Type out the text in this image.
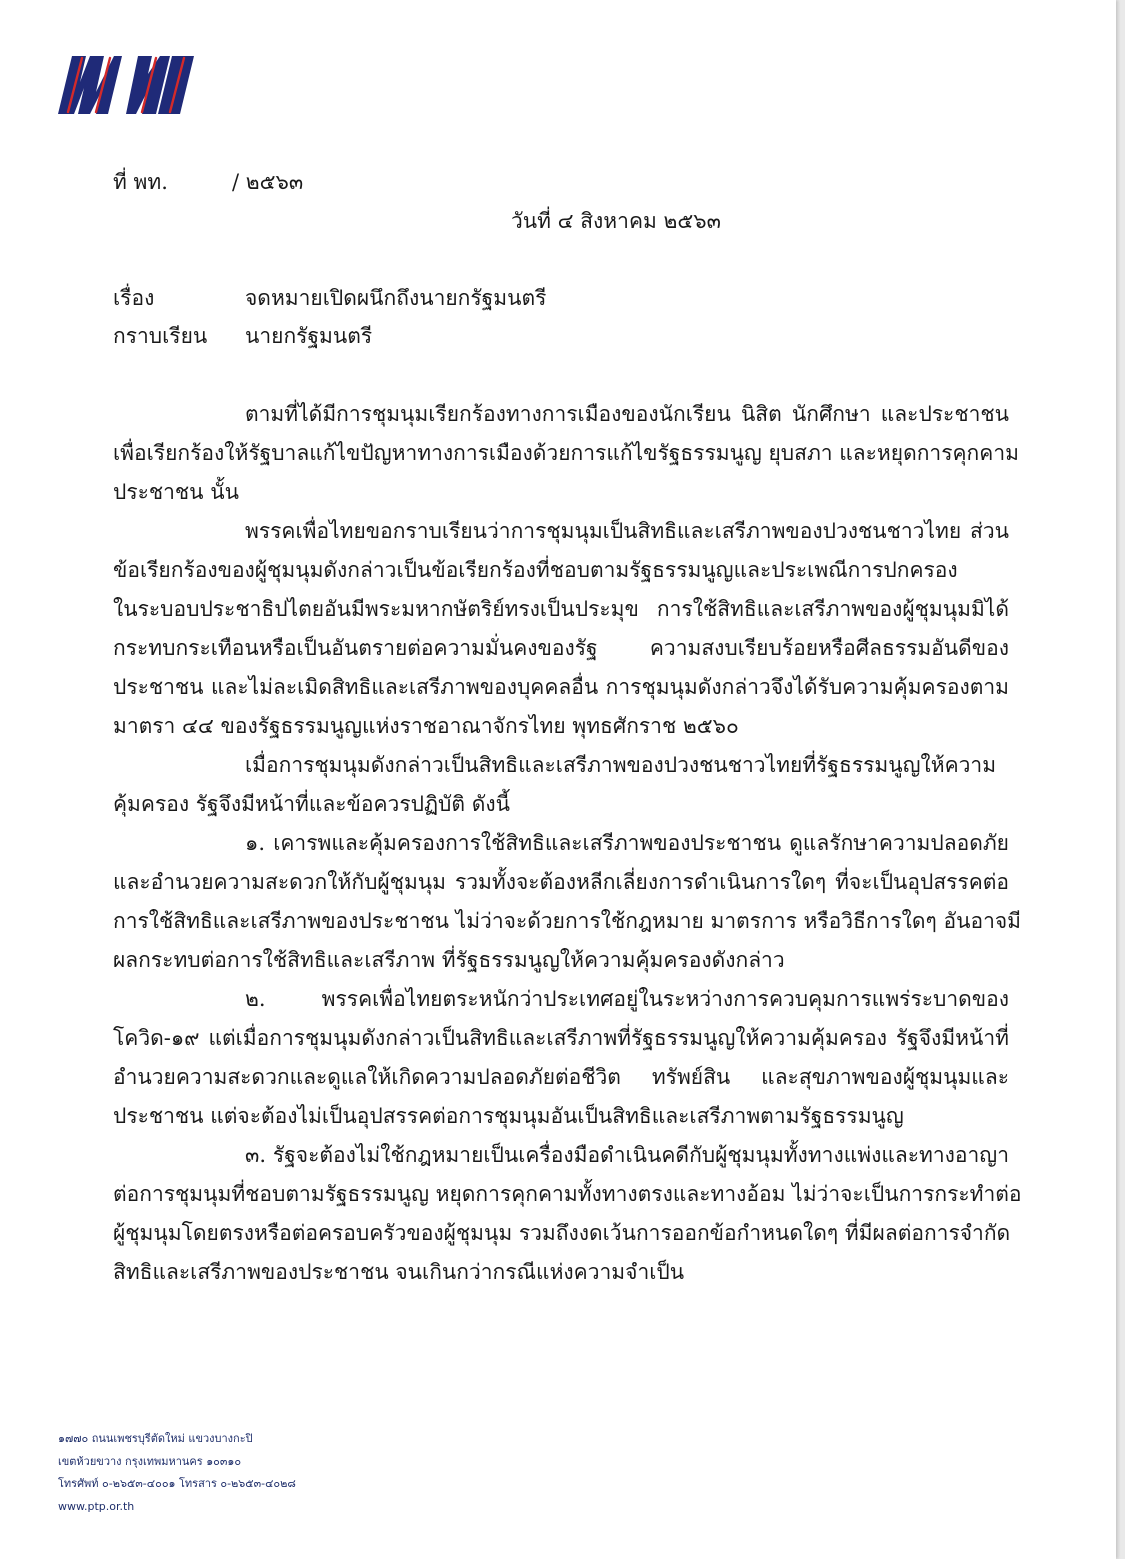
ที่ พท.	/ ๒๕๖๓
วันที่ ๔ สิงหาคม ๒๕๖๓
เรื่อง	จดหมายเปิดผนึกถึงนายกรัฐมนตรี
กราบเรียน นายกรัฐมนตรี
ตามที่ได้มีการชุมนุมเรียกร้องทางการเมืองของนักเรียน นิสิต นักศึกษา และประชาชน
เพื่อเรียกร้องให้รัฐบาลแก้ไขปัญหาทางการเมืองด้วยการแก้ไขรัฐธรรมนูญ ยุบสภา และหยุดการคุกคาม
ประชาชน นั้น
พรรคเพื่อไทยขอกราบเรียนว่าการชุมนุมเป็นสิทธิและเสรีภาพของปวงชนชาวไทย ส่วน
ข้อเรียกร้องของผู้ชุมนุมดังกล่าวเป็นข้อเรียกร้องที่ชอบตามรัฐธรรมนูญและประเพณีการปกครอง
ในระบอบประชาธิปไตยอันมีพระมหากษัตริย์ทรงเป็นประมุข การใช้สิทธิและเสรีภาพของผู้ชุมนุมมิได้
กระทบกระเทือนหรือเป็นอันตรายต่อความมั่นคงของรัฐ ความสงบเรียบร้อยหรือศีลธรรมอันดีของ
ประชาชน และไม่ละเมิดสิทธิและเสรีภาพของบุคคลอื่น การชุมนุมดังกล่าวจึงได้รับความคุ้มครองตาม
มาตรา ๔๔ ของรัฐธรรมนูญแห่งราชอาณาจักรไทย พุทธศักราช ๒๕๖๐
เมื่อการชุมนุมดังกล่าวเป็นสิทธิและเสรีภาพของปวงชนชาวไทยที่รัฐธรรมนูญให้ความ
คุ้มครอง รัฐจึงมีหน้าที่และข้อควรปฏิบัติ ดังนี้
๑. เคารพและคุ้มครองการใช้สิทธิและเสรีภาพของประชาชน ดูแลรักษาความปลอดภัย
และอำนวยความสะดวกให้กับผู้ชุมนุม รวมทั้งจะต้องหลีกเลี่ยงการดำเนินการใดๆ ที่จะเป็นอุปสรรคต่อ
การใช้สิทธิและเสรีภาพของประชาชน ไม่ว่าจะด้วยการใช้กฎหมาย มาตรการ หรือวิธีการใดๆ อันอาจมี
ผลกระทบต่อการใช้สิทธิและเสรีภาพ ที่รัฐธรรมนูญให้ความคุ้มครองดังกล่าว
๒. พรรคเพื่อไทยตระหนักว่าประเทศอยู่ในระหว่างการควบคุมการแพร่ระบาดของ
โควิด-๑๙ แต่เมื่อการชุมนุมดังกล่าวเป็นสิทธิและเสรีภาพที่รัฐธรรมนูญให้ความคุ้มครอง รัฐจึงมีหน้าที่
อำนวยความสะดวกและดูแลให้เกิดความปลอดภัยต่อชีวิต ทรัพย์สิน และสุขภาพของผู้ชุมนุมและ
ประชาชน แต่จะต้องไม่เป็นอุปสรรคต่อการชุมนุมอันเป็นสิทธิและเสรีภาพตามรัฐธรรมนูญ
๓. รัฐจะต้องไม่ใช้กฎหมายเป็นเครื่องมือดำเนินคดีกับผู้ชุมนุมทั้งทางแพ่งและทางอาญา
ต่อการชุมนุมที่ชอบตามรัฐธรรมนูญ หยุดการคุกคามทั้งทางตรงและทางอ้อม ไม่ว่าจะเป็นการกระทำต่อ
ผู้ชุมนุมโดยตรงหรือต่อครอบครัวของผู้ชุมนุม รวมถึงงดเว้นการออกข้อกำหนดใดๆ ที่มีผลต่อการจำกัด
สิทธิและเสรีภาพของประชาชน จนเกินกว่ากรณีแห่งความจำเป็น
๑๗๗๐ ถนนเพชรบุรีตัดใหม่ แขวงบางกะปิ
เขตห้วยขวาง กรุงเทพมหานคร ๑๐๓๑๐
โทรศัพท์ ๐-๒๖๕๓-๔๐๐๑ โทรสาร ๐-๒๖๕๓-๔๐๒๘
www.ptp.or.th
